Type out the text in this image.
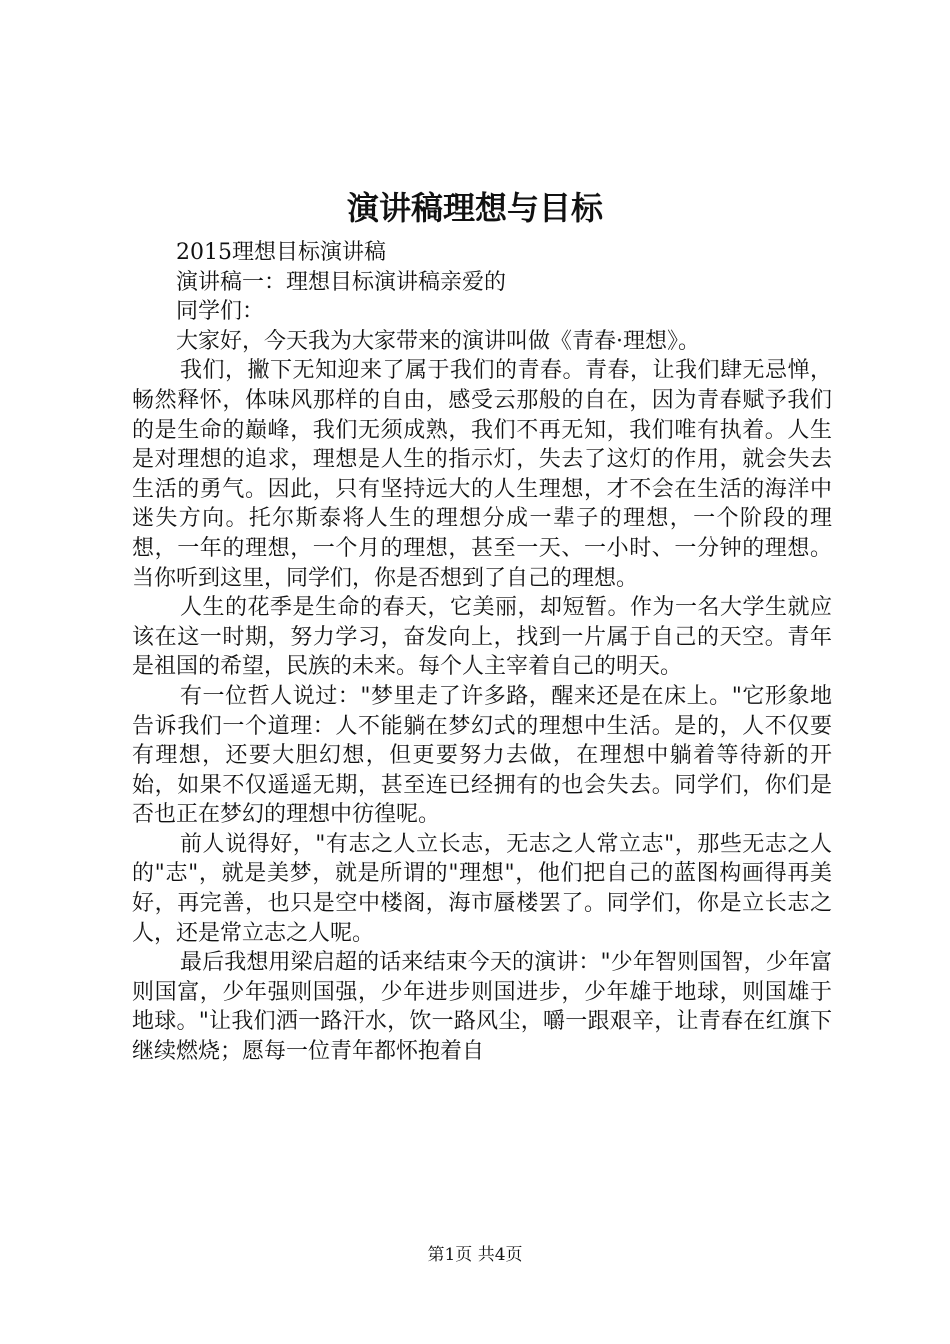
演讲稿理想与目标

2015理想目标演讲稿

演讲稿一：理想目标演讲稿亲爱的

同学们：

大家好，今天我为大家带来的演讲叫做《青春·理想》。

我们，撇下无知迎来了属于我们的青春。青春，让我们肆无忌惮，畅然释怀，体味风那样的自由，感受云那般的自在，因为青春赋予我们的是生命的巅峰，我们无须成熟，我们不再无知，我们唯有执着。人生是对理想的追求，理想是人生的指示灯，失去了这灯的作用，就会失去生活的勇气。因此，只有坚持远大的人生理想，才不会在生活的海洋中迷失方向。托尔斯泰将人生的理想分成一辈子的理想，一个阶段的理想，一年的理想，一个月的理想，甚至一天、一小时、一分钟的理想。当你听到这里，同学们，你是否想到了自己的理想。

人生的花季是生命的春天，它美丽，却短暂。作为一名大学生就应该在这一时期，努力学习，奋发向上，找到一片属于自己的天空。青年是祖国的希望，民族的未来。每个人主宰着自己的明天。

有一位哲人说过："梦里走了许多路，醒来还是在床上。"它形象地告诉我们一个道理：人不能躺在梦幻式的理想中生活。是的，人不仅要有理想，还要大胆幻想，但更要努力去做，在理想中躺着等待新的开始，如果不仅遥遥无期，甚至连已经拥有的也会失去。同学们，你们是否也正在梦幻的理想中彷徨呢。

前人说得好，"有志之人立长志，无志之人常立志"，那些无志之人的"志"，就是美梦，就是所谓的"理想"，他们把自己的蓝图构画得再美好，再完善，也只是空中楼阁，海市蜃楼罢了。同学们，你是立长志之人，还是常立志之人呢。

最后我想用梁启超的话来结束今天的演讲："少年智则国智，少年富则国富，少年强则国强，少年进步则国进步，少年雄于地球，则国雄于地球。"让我们洒一路汗水，饮一路风尘，嚼一跟艰辛，让青春在红旗下继续燃烧；愿每一位青年都怀抱着自

第1页 共4页
